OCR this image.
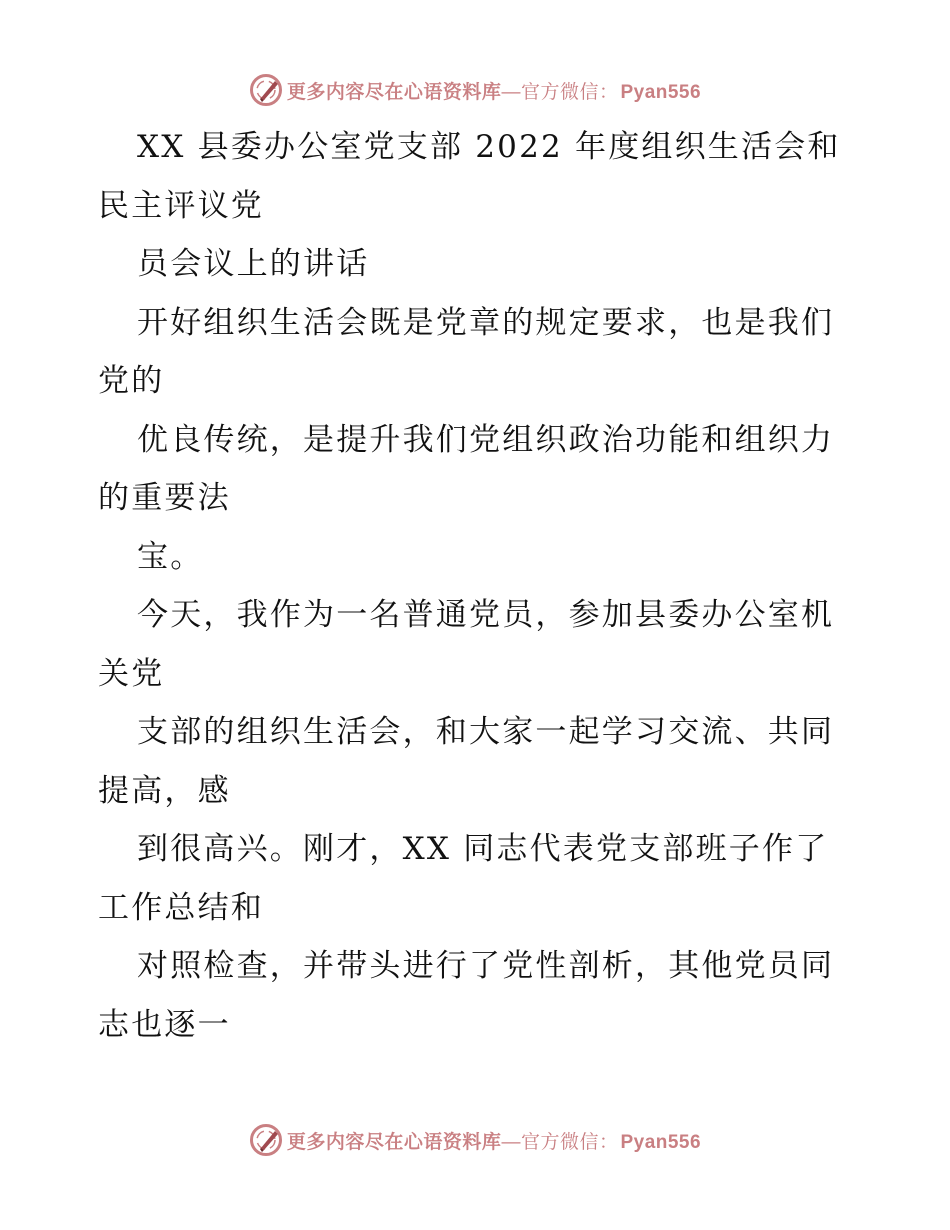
更多内容尽在心语资料库 —官方微信： Pyan556
XX 县委办公室党支部 2022 年度组织生活会和
民主评议党
员会议上的讲话
开好组织生活会既是党章的规定要求，也是我们
党的
优良传统，是提升我们党组织政治功能和组织力
的重要法
宝。
今天，我作为一名普通党员，参加县委办公室机
关党
支部的组织生活会，和大家一起学习交流、共同
提高，感
到很高兴。刚才，XX 同志代表党支部班子作了
工作总结和
对照检查，并带头进行了党性剖析，其他党员同
志也逐一
更多内容尽在心语资料库 —官方微信： Pyan556
